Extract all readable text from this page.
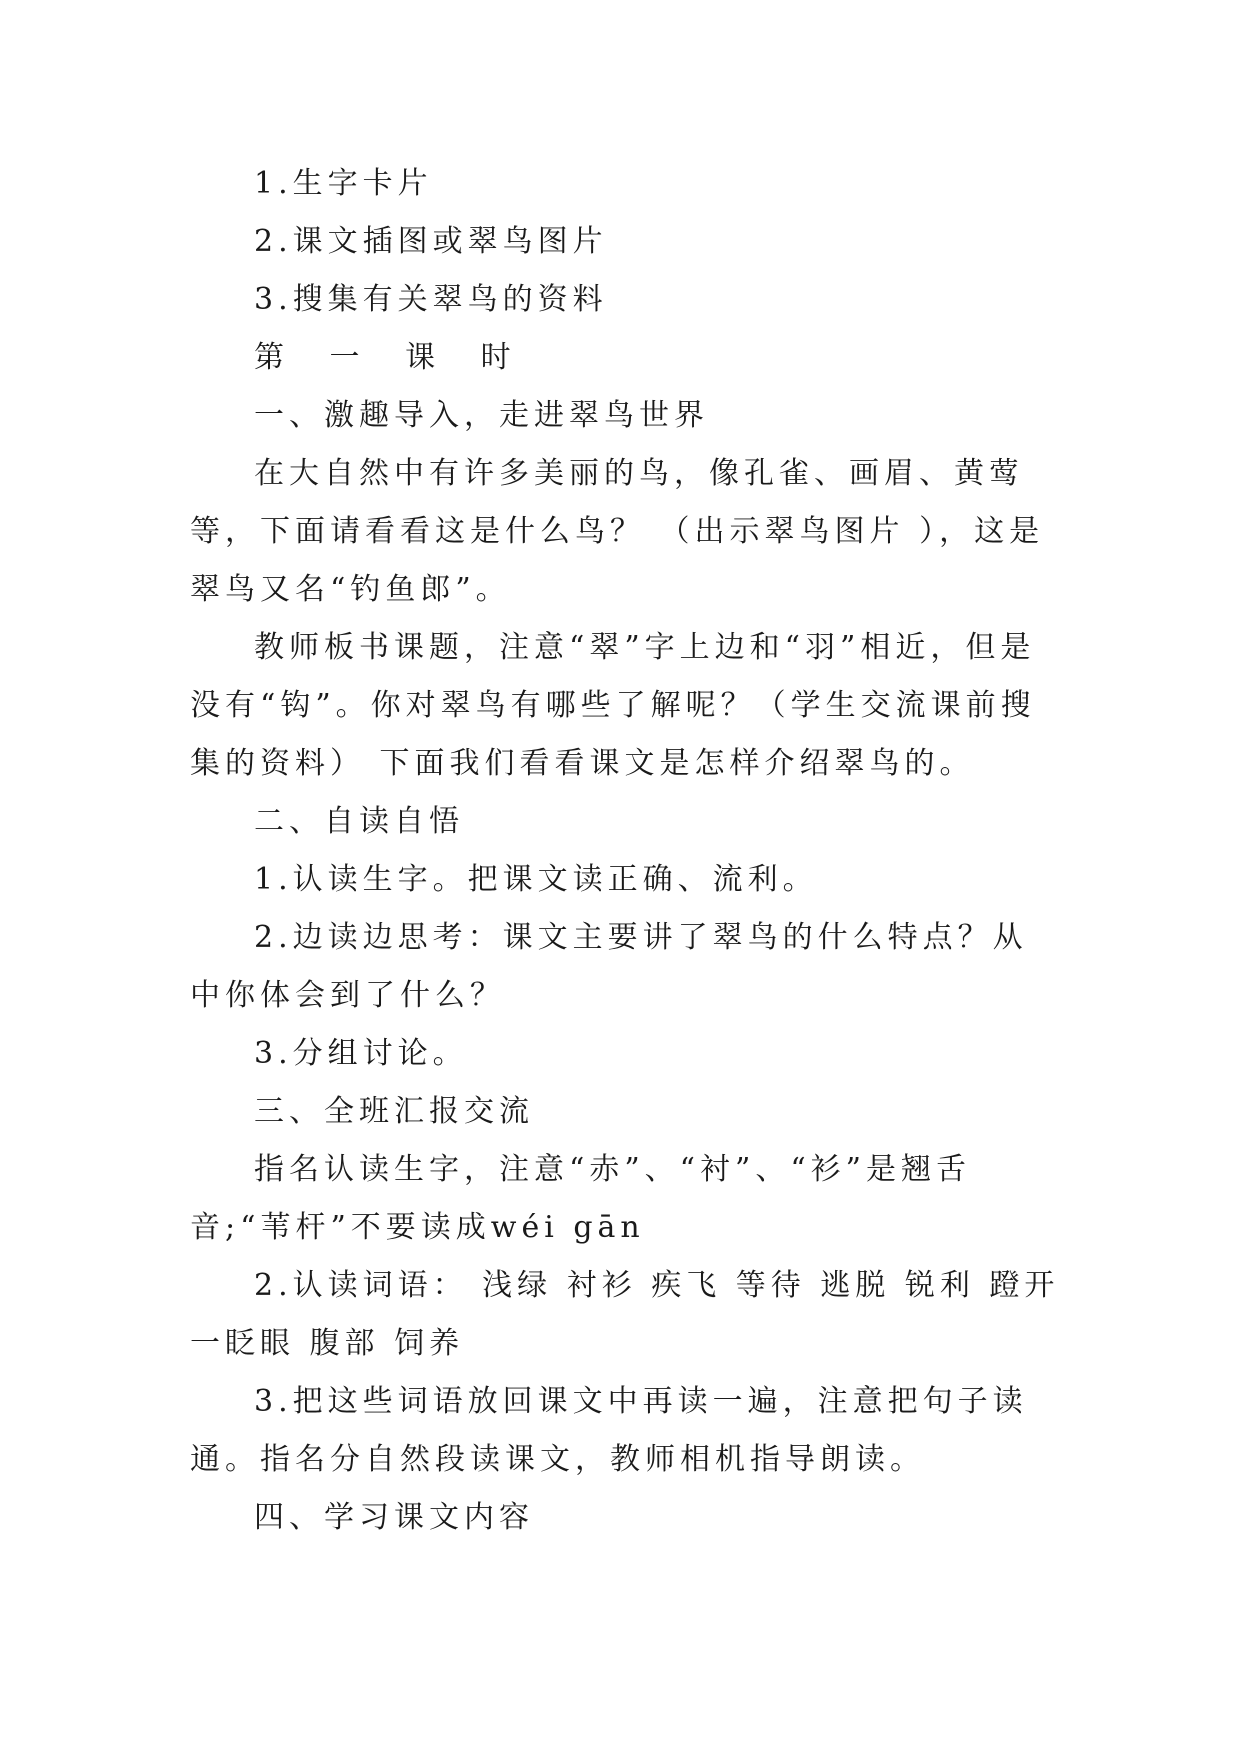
1.生字卡片

2.课文插图或翠鸟图片

3.搜集有关翠鸟的资料

第 一 课 时

一、激趣导入，走进翠鸟世界

在大自然中有许多美丽的鸟，像孔雀、画眉、黄莺等，下面请看看这是什么鸟？ （出示翠鸟图片 ），这是翠鸟又名“钓鱼郎”。

教师板书课题，注意“翠”字上边和“羽”相近，但是没有“钩”。你对翠鸟有哪些了解呢？（学生交流课前搜集的资料） 下面我们看看课文是怎样介绍翠鸟的。

二、自读自悟

1.认读生字。把课文读正确、流利。

2.边读边思考：课文主要讲了翠鸟的什么特点？从中你体会到了什么？

3.分组讨论。

三、全班汇报交流

指名认读生字，注意“赤”、“衬”、“衫”是翘舌音;“苇杆”不要读成wéi gān

2.认读词语： 浅绿 衬衫 疾飞 等待 逃脱 锐利 蹬开 一眨眼 腹部 饲养

3.把这些词语放回课文中再读一遍，注意把句子读通。指名分自然段读课文，教师相机指导朗读。

四、学习课文内容
